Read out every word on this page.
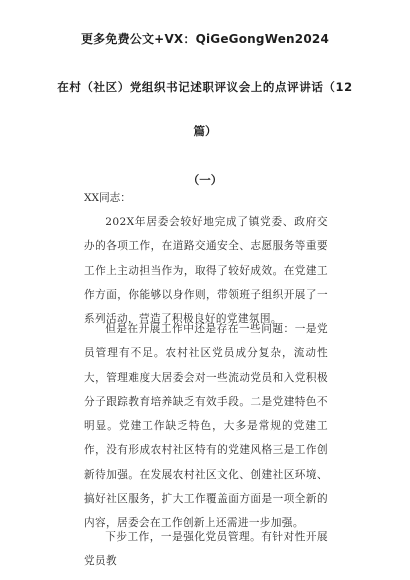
更多免费公文+VX：QiGeGongWen2024
在村（社区）党组织书记述职评议会上的点评讲话（12
篇）
（一）
XX同志：

202X年居委会较好地完成了镇党委、政府交办的各项工作，在道路交通安全、志愿服务等重要工作上主动担当作为，取得了较好成效。在党建工作方面，你能够以身作则，带领班子组织开展了一系列活动，营造了积极良好的党建氛围。

但是在开展工作中还是存在一些问题：一是党员管理有不足。农村社区党员成分复杂，流动性大，管理难度大居委会对一些流动党员和入党积极分子跟踪教育培养缺乏有效手段。二是党建特色不明显。党建工作缺乏特色，大多是常规的党建工作，没有形成农村社区特有的党建风格三是工作创新待加强。在发展农村社区文化、创建社区环境、搞好社区服务，扩大工作覆盖面方面是一项全新的内容，居委会在工作创新上还需进一步加强。

下步工作，一是强化党员管理。有针对性开展党员教
